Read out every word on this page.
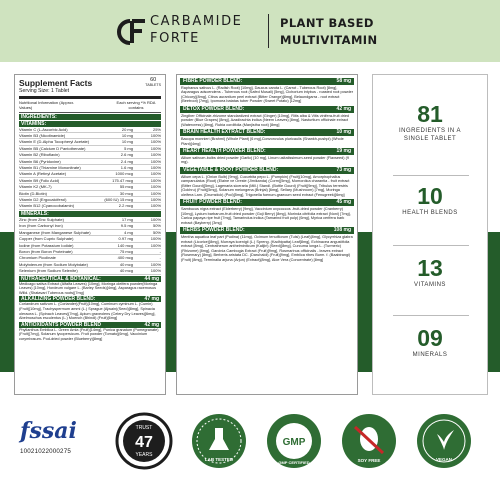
CARBAMIDE
FORTE
PLANT BASED
MULTIVITAMIN
Supplement Facts
Serving Size: 1 Tablet
60
TABLETS
Nutritional Information (Approx. Values)
Each serving *% RDA contains
INGREDIENTS:
VITAMINS:
Vitamin C (L-Ascorbic Acid)	20 mg	25%
Vitamin B3 (Nicotinamide)	10 mg	100%
Vitamin E (D-Alpha Tocopheryl Acetate)	10 mg	100%
Vitamin B5 (Calcium D Pantothenate)	5 mg	100%
Vitamin B2 (Riboflavin)	2.6 mg	100%
Vitamin B6 (Pyridoxine)	2.4 mg	100%
Vitamin B1 (Thiamine Mononitrate)	1.6 mg	100%
Vitamin A (Retinyl Acetate)	1000 mcg	100%
Vitamin B9 (Folic Acid)	175.47 mcg	100%
Vitamin K2 (MK-7)	55 mcg	100%
Biotin (D-Biotin)	30 mcg	100%
Vitamin D2 (Ergocalciferol)	(600 IU) 15 mcg	100%
Vitamin B12 (Cyanocobalamin)	2.2 mcg	100%
MINERALS:
Zinc (from Zinc Sulphate)	17 mg	100%
Iron (from Carbonyl Iron)	9.5 mg	50%
Manganese (from Manganese Sulphate)	4 mg	50%
Copper (from Cupric Sulphate)	0.97 mg	100%
Iodine (from Potassium Iodide)	140 mcg	100%
Boron (from Boron Proteinate)	75 mcg	-
Chromium Picolinate	400 mcg	-
Molybdenum (from Sodium Molybdate)	40 mcg	100%
Selenium (from Sodium Selenite)	40 mcg	100%
NUTRACEUTICAL & BOTANICAL:	44 mg
Medicago sativa Extract (Alfalfa Leaves) [10mg], Moringa oleifera powder(Moringa Leaves) [10mg], Hordeum vulgare L. (Barley Seeds)[4mg], Asparagus racemosus Willd. (Shatavari Tuberous roots)[7mg]
ALKALIZING POWDER BLEND:	47 mg
Coriandrum sativum L. (Coriander)(Fruit)[10mg], Cuminum cyminum L. (Cumin)(Fruit)[10mg], Trachyspermum ammi (L.) Sprague (Ajwain)(Seed)[8mg], Spinacia oleracea L. (Spinach Leaves)[7mg], Apium graveolens (Celery Dry Leaves)[6mg], Abelmoschus esculentus (L.) Moench (Bhindi) (Fruit)[6mg]
ANTIOXIDANTS POWDER BLEND	42 mg
Phyllanthus Emblica L. Green Amla (Fruit)[14mg], Punica granatum (Pomegranate) (Fruit)[7mg], Solanum lycopersicum- Fruit powder (Tomato)[6mg], Vaccinium corymbosum- Pod-dried powder (Blueberry)[8mg]
FIBRE POWDER BLEND:	58 mg
Raphanus sativus L. (Radish Root) [10mg], Daucus carota L. (Carrot - Tuberous Root) [8mg], Asparagus adscendens - Tuberous root (Safed Musali) [5mg], Cichorium intybus - roasted root powder (Chicory)[8mg], Citrus aurantium peel extract (Bitter Orange)[8mg], Belaundgarra - root extract (Beetroot) [7mg], Ipomoea batatas tuber Powder (Sweet Potato) [12mg]
DETOX POWDER BLEND:	42 mg
Zingiber Officinale-rhizome standardized extract (Ginger) [10mg], Ritis alba & Vitis vinifera-fruit dried powder (Blue Grapes) [8mg], Azadirachta indica (Neem Leaves) [8mg], Nasturtium officinale extract (Watercress) [8mg], Rubia cordifolia (Manjistha root) [8mg]
BRAIN HEALTH EXTRACT BLEND:	10 mg
Bacopa monnieri (Brahmi) (Whole Plant) [6 mg],Convonvulus pluricaulis (Shankh-pushpi) (Whole Plant)[4mg]
HEART HEALTH POWDER BLEND:	19 mg
Allium sativum-bulbs dried powder (Garlic) [10 mg], Linum usitatissimum-seed powder (Flaxseed) (9 mg).
VEGETABLE & ROOT POWDER BLEND:	73 mg
Allium cepa L. (Onion Bulb) [9mg], Cucurbita pepo L. (Pumpkin) (Fruit)[10mg], Amorphophallus campanulatus (Root) (Elaine ve Oreste (Jimikanda) (Corm)[5mg], Momordica charantia - fruit extract (Bitter Gourd)[5mg], Lagenaria siceraria (Mill.) Standl. (Bottle Gourd) (Fruit)[9mg], Tribulus terrestris (Gokhru) (Fruit)[5mg], Solanum melongena (Brinjal) [6mg], Sellary (Mushroom) [7mg], Moringa oleifera Lam. (Drumstick) (Pod)[5mg], Trigonella foenum-graecum seed extract (Fenugreek)[6mg]
FRUIT POWDER BLEND:	45 mg
Sambucus nigra extract (Elderberry) [9mg], Vaccinium oxycoccos -fruit-dried powder (Cranberry) [10mg], Lycium barbarum-fruit dried powder (Goji Berry) [8mg], Morinda citrifolia extract (Noni) [7mg], Carica papaya ripe fruit [7mg], Tamarindus indica (Tamarind fruit pulp) [6mg], Myrica cerifera bark extract (Bayberry) [3mg]
HERBS POWDER BLEND:	108 mg
Mentha aquatica leaf part (Pudina) (11mg), Ocimum tenuiflorum (Tulsi) (Leaf)[8mg], Glycyrrhiza glabra extract (Licorice)[8mg], Murraya koenigii (L.) Spreng. (Kadhipatta) Leaf[8mg], Echinacea angustifolia extract [8mg], Centratherum anthelminticum (Kalijiri) (Seed)[8mg], Curcuma longa L. (Turmeric) (Rhizome) [8mg], Garcinia Cambogia Extract (Fruit)[9mg], Rosmarinus officinalis - leaves extract (Rosemary) [8mg], Berberis aristata DC. (Daruhaldi) (Fruit)[9mg], Emblica ribes Burm. f. (Baabirangi) (Fruit) [8mg], Terminalia arjuna (Arjun) (Extract)[8mg], Aloe Vera (Concentrate) [8mg]
81
INGREDIENTS IN A SINGLE TABLET
10
HEALTH BLENDS
13
VITAMINS
09
MINERALS
fssai
10021022000275
TRUST
47
YEARS
LAB TESTED
GMP
GMP CERTIFIED	SOY FREE	VEGAN
